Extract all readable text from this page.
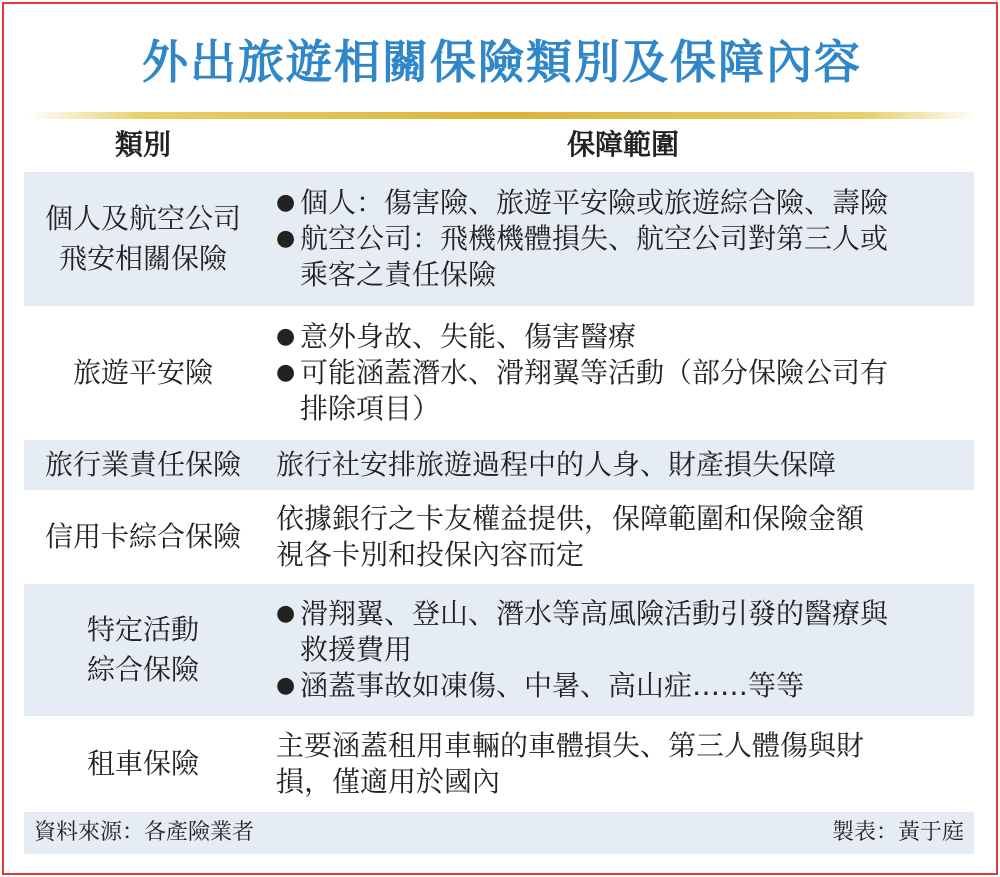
外出旅遊相關保險類別及保障內容
類別	保障範圍
個人及航空公司
飛安相關保險
● 個人：傷害險、旅遊平安險或旅遊綜合險、壽險
● 航空公司：飛機機體損失、航空公司對第三人或
乘客之責任保險
旅遊平安險
● 意外身故、失能、傷害醫療
● 可能涵蓋潛水、滑翔翼等活動（部分保險公司有
排除項目）
旅行業責任保險 旅行社安排旅遊過程中的人身、財產損失保障
信用卡綜合保險
依據銀行之卡友權益提供，保障範圍和保險金額
視各卡別和投保內容而定
特定活動
綜合保險
● 滑翔翼、登山、潛水等高風險活動引發的醫療與
救援費用
● 涵蓋事故如凍傷、中暑、高山症……等等
租車保險
主要涵蓋租用車輛的車體損失、第三人體傷與財
損，僅適用於國內
資料來源：各產險業者	製表：黃于庭
